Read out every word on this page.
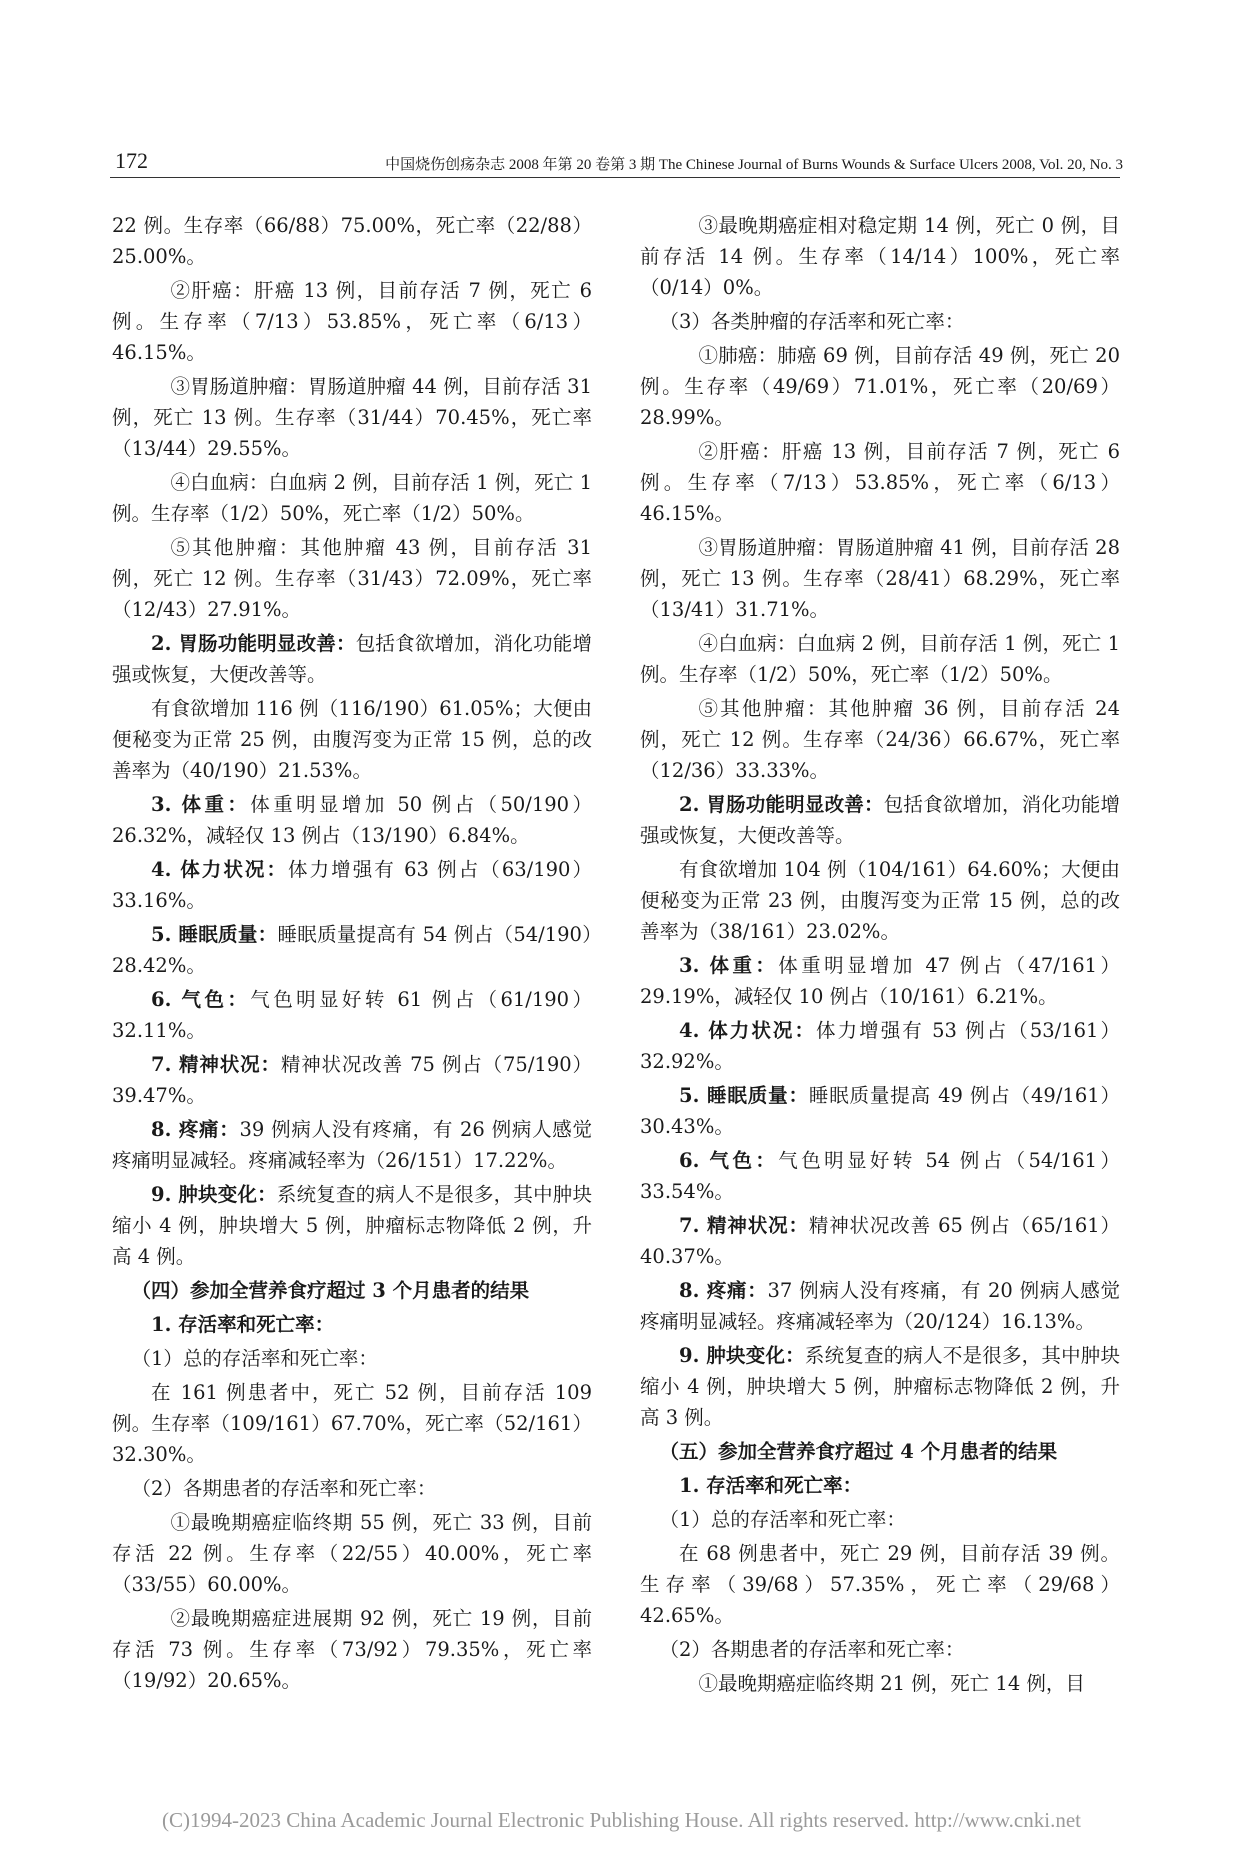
172	中国烧伤创疡杂志 2008 年第 20 卷第 3 期 The Chinese Journal of Burns Wounds & Surface Ulcers 2008, Vol. 20, No. 3

22 例。生存率（66/88）75.00%，死亡率（22/88）25.00%。

②肝癌：肝癌 13 例，目前存活 7 例，死亡 6 例。生存率（7/13）53.85%，死亡率（6/13）46.15%。

③胃肠道肿瘤：胃肠道肿瘤 44 例，目前存活 31 例，死亡 13 例。生存率（31/44）70.45%，死亡率（13/44）29.55%。

④白血病：白血病 2 例，目前存活 1 例，死亡 1 例。生存率（1/2）50%，死亡率（1/2）50%。

⑤其他肿瘤：其他肿瘤 43 例，目前存活 31 例，死亡 12 例。生存率（31/43）72.09%，死亡率（12/43）27.91%。

2. 胃肠功能明显改善：包括食欲增加，消化功能增强或恢复，大便改善等。

有食欲增加 116 例（116/190）61.05%；大便由便秘变为正常 25 例，由腹泻变为正常 15 例，总的改善率为（40/190）21.53%。

3. 体重：体重明显增加 50 例占（50/190）26.32%，减轻仅 13 例占（13/190）6.84%。

4. 体力状况：体力增强有 63 例占（63/190）33.16%。

5. 睡眠质量：睡眠质量提高有 54 例占（54/190）28.42%。

6. 气色：气色明显好转 61 例占（61/190）32.11%。

7. 精神状况：精神状况改善 75 例占（75/190）39.47%。

8. 疼痛：39 例病人没有疼痛，有 26 例病人感觉疼痛明显减轻。疼痛减轻率为（26/151）17.22%。

9. 肿块变化：系统复查的病人不是很多，其中肿块缩小 4 例，肿块增大 5 例，肿瘤标志物降低 2 例，升高 4 例。

（四）参加全营养食疗超过 3 个月患者的结果

1. 存活率和死亡率：

（1）总的存活率和死亡率：

在 161 例患者中，死亡 52 例，目前存活 109 例。生存率（109/161）67.70%，死亡率（52/161）32.30%。

（2）各期患者的存活率和死亡率：

①最晚期癌症临终期 55 例，死亡 33 例，目前存活 22 例。生存率（22/55）40.00%，死亡率（33/55）60.00%。

②最晚期癌症进展期 92 例，死亡 19 例，目前存活 73 例。生存率（73/92）79.35%，死亡率（19/92）20.65%。

③最晚期癌症相对稳定期 14 例，死亡 0 例，目前存活 14 例。生存率（14/14）100%，死亡率（0/14）0%。

（3）各类肿瘤的存活率和死亡率：

①肺癌：肺癌 69 例，目前存活 49 例，死亡 20 例。生存率（49/69）71.01%，死亡率（20/69）28.99%。

②肝癌：肝癌 13 例，目前存活 7 例，死亡 6 例。生存率（7/13）53.85%，死亡率（6/13）46.15%。

③胃肠道肿瘤：胃肠道肿瘤 41 例，目前存活 28 例，死亡 13 例。生存率（28/41）68.29%，死亡率（13/41）31.71%。

④白血病：白血病 2 例，目前存活 1 例，死亡 1 例。生存率（1/2）50%，死亡率（1/2）50%。

⑤其他肿瘤：其他肿瘤 36 例，目前存活 24 例，死亡 12 例。生存率（24/36）66.67%，死亡率（12/36）33.33%。

2. 胃肠功能明显改善：包括食欲增加，消化功能增强或恢复，大便改善等。

有食欲增加 104 例（104/161）64.60%；大便由便秘变为正常 23 例，由腹泻变为正常 15 例，总的改善率为（38/161）23.02%。

3. 体重：体重明显增加 47 例占（47/161）29.19%，减轻仅 10 例占（10/161）6.21%。

4. 体力状况：体力增强有 53 例占（53/161）32.92%。

5. 睡眠质量：睡眠质量提高 49 例占（49/161）30.43%。

6. 气色：气色明显好转 54 例占（54/161）33.54%。

7. 精神状况：精神状况改善 65 例占（65/161）40.37%。

8. 疼痛：37 例病人没有疼痛，有 20 例病人感觉疼痛明显减轻。疼痛减轻率为（20/124）16.13%。

9. 肿块变化：系统复查的病人不是很多，其中肿块缩小 4 例，肿块增大 5 例，肿瘤标志物降低 2 例，升高 3 例。

（五）参加全营养食疗超过 4 个月患者的结果

1. 存活率和死亡率：

（1）总的存活率和死亡率：

在 68 例患者中，死亡 29 例，目前存活 39 例。生存率（39/68）57.35%，死亡率（29/68）42.65%。

（2）各期患者的存活率和死亡率：

①最晚期癌症临终期 21 例，死亡 14 例，目

(C)1994-2023 China Academic Journal Electronic Publishing House. All rights reserved. http://www.cnki.net
